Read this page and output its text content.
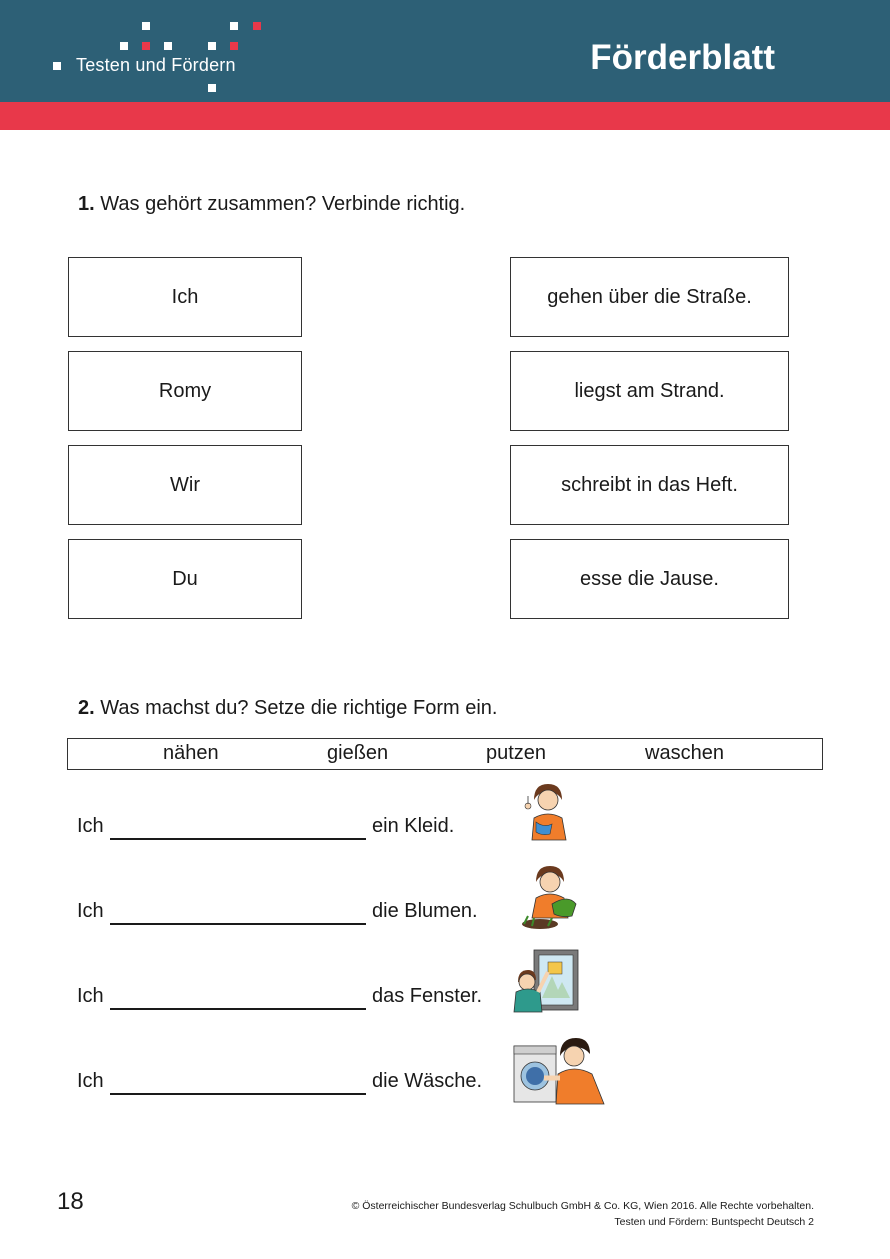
Testen und Fördern	Förderblatt
Sprachbetrachtung	Personalformen
1. Was gehört zusammen? Verbinde richtig.
Ich
Romy
Wir
Du
gehen über die Straße.
liegst am Strand.
schreibt in das Heft.
esse die Jause.
2. Was machst du? Setze die richtige Form ein.
nähen	gießen	putzen	waschen
Ich	ein Kleid.
Ich	die Blumen.
Ich	das Fenster.
Ich	die Wäsche.
18	© Österreichischer Bundesverlag Schulbuch GmbH & Co. KG, Wien 2016. Alle Rechte vorbehalten.
Testen und Fördern: Buntspecht Deutsch 2
